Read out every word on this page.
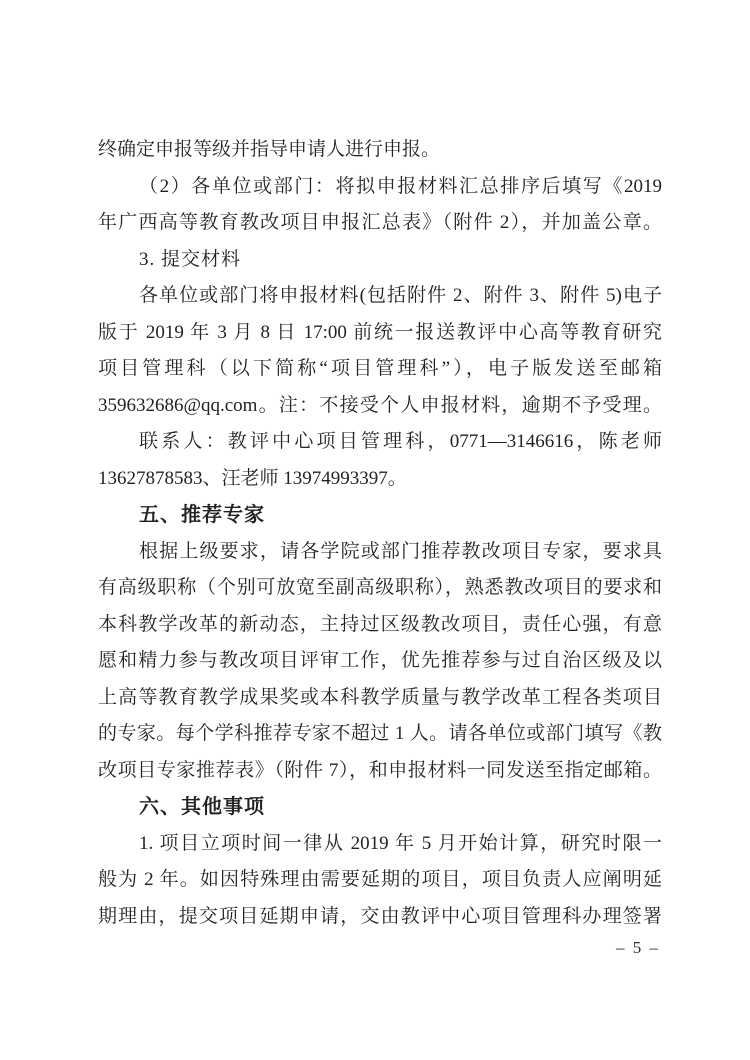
终确定申报等级并指导申请人进行申报。
（2）各单位或部门：将拟申报材料汇总排序后填写《2019
年广西高等教育教改项目申报汇总表》（附件 2），并加盖公章。
3. 提交材料
各单位或部门将申报材料(包括附件 2、附件 3、附件 5)电子
版于 2019 年 3 月 8 日 17:00 前统一报送教评中心高等教育研究
项目管理科（以下简称“项目管理科”），电子版发送至邮箱
359632686@qq.com。注：不接受个人申报材料，逾期不予受理。
联系人：教评中心项目管理科，0771—3146616，陈老师
13627878583、汪老师 13974993397。
五、推荐专家
根据上级要求，请各学院或部门推荐教改项目专家，要求具
有高级职称（个别可放宽至副高级职称），熟悉教改项目的要求和
本科教学改革的新动态，主持过区级教改项目，责任心强，有意
愿和精力参与教改项目评审工作，优先推荐参与过自治区级及以
上高等教育教学成果奖或本科教学质量与教学改革工程各类项目
的专家。每个学科推荐专家不超过 1 人。请各单位或部门填写《教
改项目专家推荐表》（附件 7），和申报材料一同发送至指定邮箱。
六、其他事项
1. 项目立项时间一律从 2019 年 5 月开始计算，研究时限一
般为 2 年。如因特殊理由需要延期的项目，项目负责人应阐明延
期理由，提交项目延期申请，交由教评中心项目管理科办理签署
– 5 –
